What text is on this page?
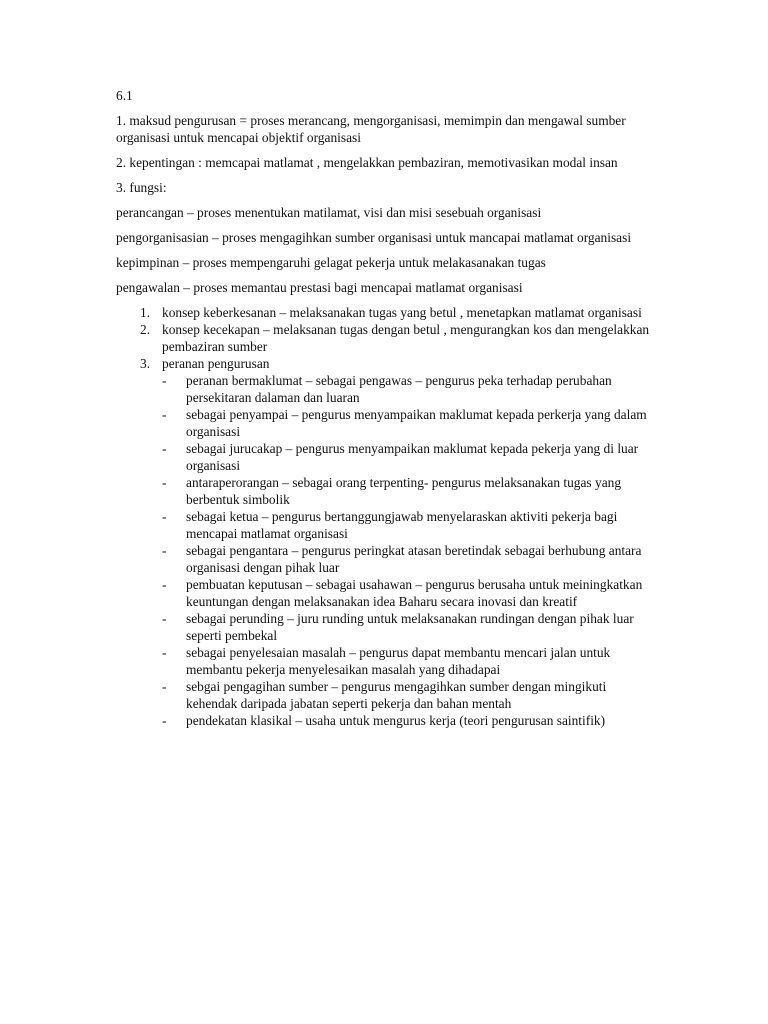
6.1

1. maksud pengurusan = proses merancang, mengorganisasi, memimpin dan mengawal sumber organisasi untuk mencapai objektif organisasi

2. kepentingan : memcapai matlamat , mengelakkan pembaziran, memotivasikan modal insan

3. fungsi:

perancangan – proses menentukan matilamat, visi dan misi sesebuah organisasi

pengorganisasian – proses mengagihkan sumber organisasi untuk mancapai matlamat organisasi

kepimpinan – proses mempengaruhi gelagat pekerja untuk melakasanakan tugas

pengawalan – proses memantau prestasi bagi mencapai matlamat organisasi

1. konsep keberkesanan – melaksanakan tugas yang betul , menetapkan matlamat organisasi
2. konsep kecekapan – melaksanan tugas dengan betul , mengurangkan kos dan mengelakkan pembaziran sumber
3. peranan pengurusan
- peranan bermaklumat – sebagai pengawas – pengurus peka terhadap perubahan persekitaran dalaman dan luaran
- sebagai penyampai – pengurus menyampaikan maklumat kepada perkerja yang dalam organisasi
- sebagai jurucakap – pengurus menyampaikan maklumat kepada pekerja yang di luar organisasi
- antaraperorangan – sebagai orang terpenting- pengurus melaksanakan tugas yang berbentuk simbolik
- sebagai ketua – pengurus bertanggungjawab menyelaraskan aktiviti pekerja bagi mencapai matlamat organisasi
- sebagai pengantara – pengurus peringkat atasan beretindak sebagai berhubung antara organisasi dengan pihak luar
- pembuatan keputusan – sebagai usahawan – pengurus berusaha untuk meiningkatkan keuntungan dengan melaksanakan idea Baharu secara inovasi dan kreatif
- sebagai perunding – juru runding untuk melaksanakan rundingan dengan pihak luar seperti pembekal
- sebagai penyelesaian masalah – pengurus dapat membantu mencari jalan untuk membantu pekerja menyelesaikan masalah yang dihadapai
- sebgai pengagihan sumber – pengurus mengagihkan sumber dengan mingikuti kehendak daripada jabatan seperti pekerja dan bahan mentah
- pendekatan klasikal – usaha untuk mengurus kerja (teori pengurusan saintifik)
